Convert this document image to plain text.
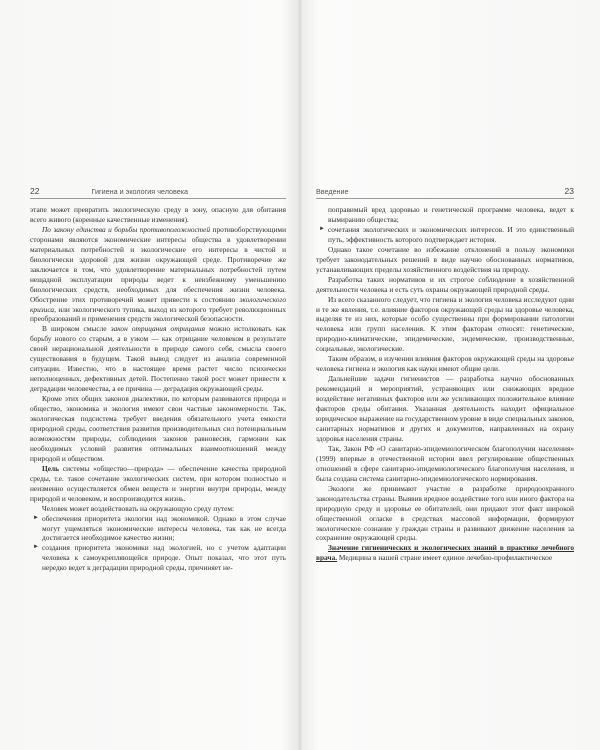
22	Гигиена и экология человека

этапе может превратить экологическую среду в зону, опасную для обитания всего живого (коренные качественные изменения).

По закону единства и борьбы противоположностей противоборствующими сторонами являются экономические интересы общества в удовлетворении материальных потребностей и экологические его интересы в чистой и биологически здоровой для жизни окружающей среде. Противоречие же заключается в том, что удовлетворение материальных потребностей путем нещадной эксплуатации природы ведет к неизбежному уменьшению биологических средств, необходимых для обеспечения жизни человека. Обострение этих противоречий может привести к состоянию экологического кризиса, или экологического тупика, выход из которого требует революционных преобразований и применения средств экологической безопасности.

В широком смысле закон отрицания отрицания можно истолковать как борьбу нового со старым, а в узком — как отрицание человеком в результате своей нерациональной деятельности в природе самого себя, смысла своего существования в будущем. Такой вывод следует из анализа современной ситуации. Известно, что в настоящее время растет число психически неполноценных, дефективных детей. Постепенно такой рост может привести к деградации человечества, а ее причина — деградация окружающей среды.

Кроме этих общих законов диалектики, по которым развиваются природа и общество, экономика и экология имеют свои частные закономерности. Так, экологическая подсистема требует введения обязательного учета емкости природной среды, соответствия развития производительных сил потенциальным возможностям природы, соблюдения законов равновесия, гармонии как необходимых условий развития оптимальных взаимоотношений между природой и обществом.

Цель системы «общество—природа» — обеспечение качества природной среды, т.е. такое сочетание экологических систем, при котором полностью и неизменно осуществляется обмен веществ и энергии внутри природы, между природой и человеком, и воспроизводится жизнь.

Человек может воздействовать на окружающую среду путем:

► обеспечения приоритета экологии над экономикой. Однако в этом случае могут ущемляться экономические интересы человека, так как не всегда достигается необходимое качество жизни;
► создания приоритета экономики над экологией, но с учетом адаптации человека к самоукрепляющейся природе. Опыт показал, что этот путь нередко ведет к деградации природной среды, причиняет не-
Введение	23

поправимый вред здоровью и генетической программе человека, ведет к вымиранию общества;

► сочетания экологических и экономических интересов. И это единственный путь, эффективность которого подтверждает история.

Однако такое сочетание во избежание отклонений в пользу экономики требует законодательных решений в виде научно обоснованных нормативов, устанавливающих пределы хозяйственного воздействия на природу.

Разработка таких нормативов и их строгое соблюдение в хозяйственной деятельности человека и есть суть охраны окружающей природной среды.

Из всего сказанного следует, что гигиена и экология человека исследуют одни и те же явления, т.е. влияние факторов окружающей среды на здоровье человека, выделяя те из них, которые особо существенны при формировании патологии человека или групп населения. К этим факторам относят: генетические, природно-климатические, эпидемические, эндемические, производственные, социальные, экологические.

Таким образом, в изучении влияния факторов окружающей среды на здоровье человека гигиена и экология как науки имеют общие цели.

Дальнейшие задачи гигиенистов — разработка научно обоснованных рекомендаций и мероприятий, устраняющих или снижающих вредное воздействие негативных факторов или же усиливающих положительное влияние факторов среды обитания. Указанная деятельность находит официальное юридическое выражение на государственном уровне в виде специальных законов, санитарных нормативов и других и документов, направленных на охрану здоровья населения страны.

Так, Закон РФ «О санитарно-эпидемиологическом благополучии населения» (1999) впервые в отечественной истории ввел регулирование общественных отношений в сфере санитарно-эпидемиологического благополучия населения, и была создана система санитарно-эпидемиологического нормирования.

Экологи же принимают участие в разработке природоохранного законодательства страны. Выявив вредное воздействие того или иного фактора на природную среду и здоровье ее обитателей, они придают этот факт широкой общественной огласке в средствах массовой информации, формируют экологическое сознание у граждан страны и развивают движение населения за сохранение окружающей среды.

Значение гигиенических и экологических знаний в практике лечебного врача. Медицина в нашей стране имеет единое лечебно-профилактическое
